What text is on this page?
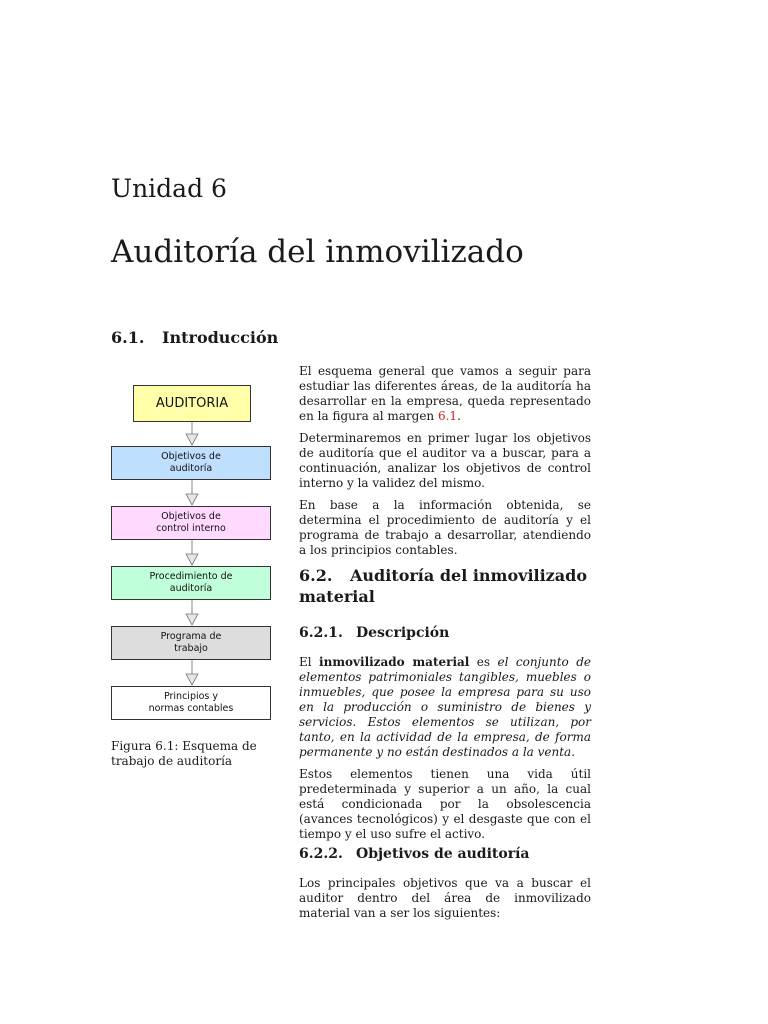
Unidad 6
Auditoría del inmovilizado
6.1. Introducción
AUDITORIA
Objetivos de
auditoría
Objetivos de
control interno
Procedimiento de
auditoría
Programa de
trabajo
Principios y
normas contables
Figura 6.1: Esquema de trabajo de auditoría

El esquema general que vamos a seguir para estudiar las diferentes áreas, de la auditoría ha desarrollar en la empresa, queda representado en la figura al margen 6.1.

Determinaremos en primer lugar los objetivos de auditoría que el auditor va a buscar, para a continuación, analizar los objetivos de control interno y la validez del mismo.

En base a la información obtenida, se determina el procedimiento de auditoría y el programa de trabajo a desarrollar, atendiendo a los principios contables.

6.2. Auditoría del inmovilizado material
6.2.1. Descripción

El inmovilizado material es el conjunto de elementos patrimoniales tangibles, muebles o inmuebles, que posee la empresa para su uso en la producción o suministro de bienes y servicios. Estos elementos se utilizan, por tanto, en la actividad de la empresa, de forma permanente y no están destinados a la venta.

Estos elementos tienen una vida útil predeterminada y superior a un año, la cual está condicionada por la obsolescencia (avances tecnológicos) y el desgaste que con el tiempo y el uso sufre el activo.

6.2.2. Objetivos de auditoría

Los principales objetivos que va a buscar el auditor dentro del área de inmovilizado material van a ser los siguientes:
